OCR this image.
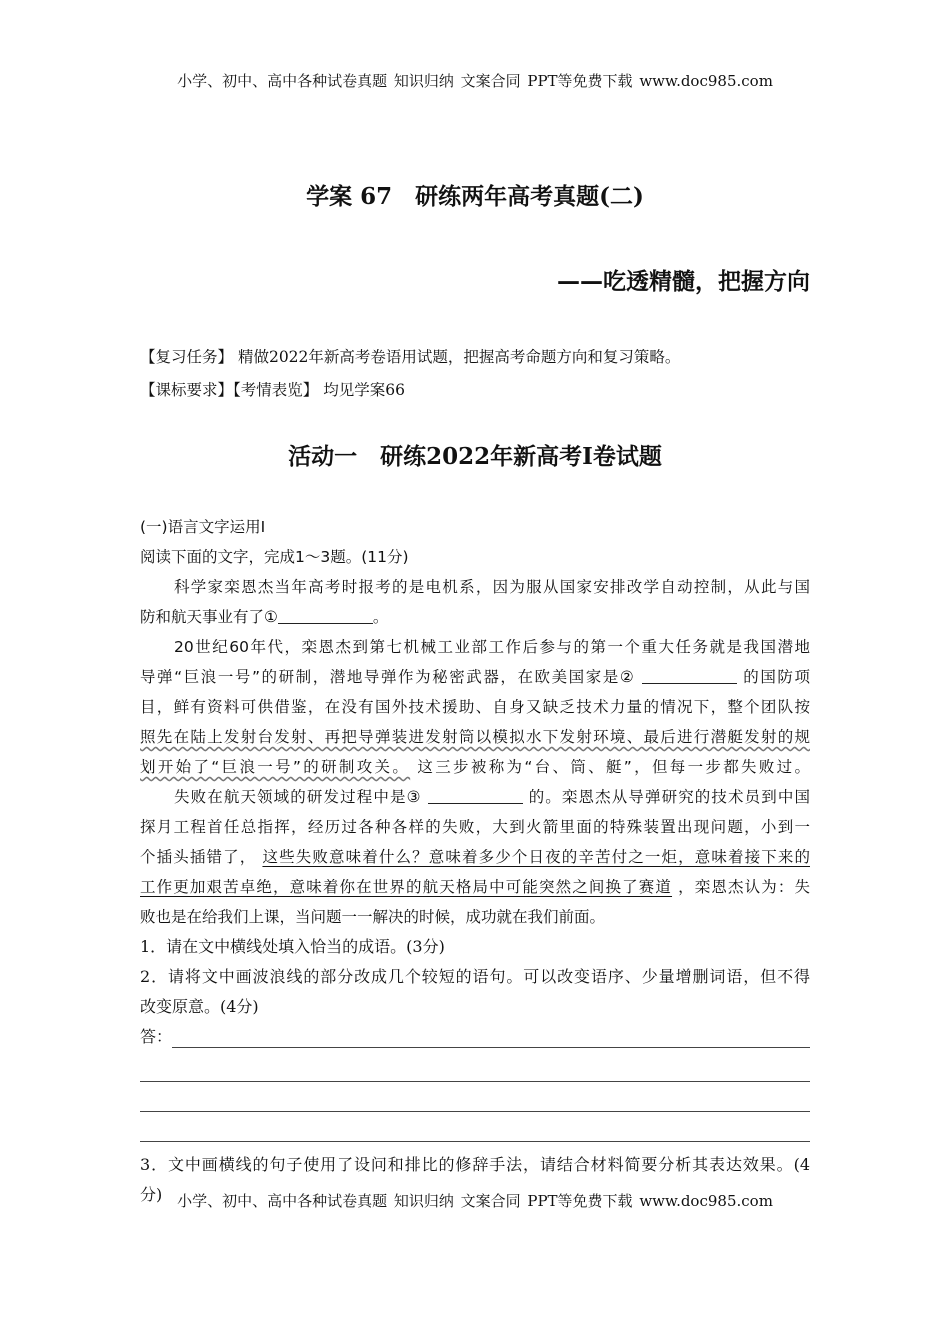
小学、初中、高中各种试卷真题 知识归纳 文案合同 PPT等免费下载 www.doc985.com
学案 67　研练两年高考真题(二)
——吃透精髓，把握方向
【复习任务】 精做2022年新高考卷语用试题，把握高考命题方向和复习策略。
【课标要求】【考情表览】 均见学案66
活动一　研练2022年新高考Ⅰ卷试题
(一)语言文字运用Ⅰ
阅读下面的文字，完成1～3题。(11分)
科学家栾恩杰当年高考时报考的是电机系，因为服从国家安排改学自动控制，从此与国
防和航天事业有了①	。
20世纪60年代，栾恩杰到第七机械工业部工作后参与的第一个重大任务就是我国潜地
导弹“巨浪一号”的研制，潜地导弹作为秘密武器，在欧美国家是②	的国防项
目，鲜有资料可供借鉴，在没有国外技术援助、自身又缺乏技术力量的情况下，整个团队按
照先在陆上发射台发射、再把导弹装进发射筒以模拟水下发射环境、最后进行潜艇发射的规
划开始了“巨浪一号”的研制攻关。 这三步被称为“台、筒、艇”，但每一步都失败过。
失败在航天领域的研发过程中是③	的。栾恩杰从导弹研究的技术员到中国
探月工程首任总指挥，经历过各种各样的失败，大到火箭里面的特殊装置出现问题，小到一
个插头插错了， 这些失败意味着什么？意味着多少个日夜的辛苦付之一炬，意味着接下来的
工作更加艰苦卓绝，意味着你在世界的航天格局中可能突然之间换了赛道 ，栾恩杰认为：失
败也是在给我们上课，当问题一一解决的时候，成功就在我们前面。
1．请在文中横线处填入恰当的成语。(3分)
2．请将文中画波浪线的部分改成几个较短的语句。可以改变语序、少量增删词语，但不得
改变原意。(4分)
答：
3．文中画横线的句子使用了设问和排比的修辞手法，请结合材料简要分析其表达效果。(4
分) 小学、初中、高中各种试卷真题 知识归纳 文案合同 PPT等免费下载 www.doc985.com
